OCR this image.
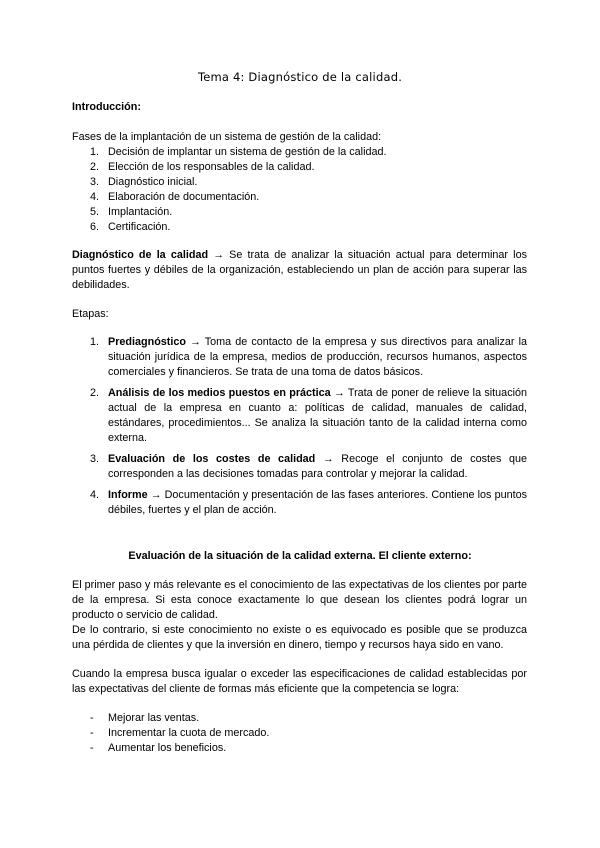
Tema 4: Diagnóstico de la calidad.
Introducción:
Fases de la implantación de un sistema de gestión de la calidad:
1. Decisión de implantar un sistema de gestión de la calidad.
2. Elección de los responsables de la calidad.
3. Diagnóstico inicial.
4. Elaboración de documentación.
5. Implantación.
6. Certificación.
Diagnóstico de la calidad → Se trata de analizar la situación actual para determinar los puntos fuertes y débiles de la organización, estableciendo un plan de acción para superar las debilidades.
Etapas:
1. Prediagnóstico → Toma de contacto de la empresa y sus directivos para analizar la situación jurídica de la empresa, medios de producción, recursos humanos, aspectos comerciales y financieros. Se trata de una toma de datos básicos.
2. Análisis de los medios puestos en práctica → Trata de poner de relieve la situación actual de la empresa en cuanto a: políticas de calidad, manuales de calidad, estándares, procedimientos... Se analiza la situación tanto de la calidad interna como externa.
3. Evaluación de los costes de calidad → Recoge el conjunto de costes que corresponden a las decisiones tomadas para controlar y mejorar la calidad.
4. Informe → Documentación y presentación de las fases anteriores. Contiene los puntos débiles, fuertes y el plan de acción.
Evaluación de la situación de la calidad externa. El cliente externo:
El primer paso y más relevante es el conocimiento de las expectativas de los clientes por parte de la empresa. Si esta conoce exactamente lo que desean los clientes podrá lograr un producto o servicio de calidad.
De lo contrario, si este conocimiento no existe o es equivocado es posible que se produzca una pérdida de clientes y que la inversión en dinero, tiempo y recursos haya sido en vano.
Cuando la empresa busca igualar o exceder las especificaciones de calidad establecidas por las expectativas del cliente de formas más eficiente que la competencia se logra:
- Mejorar las ventas.
- Incrementar la cuota de mercado.
- Aumentar los beneficios.
